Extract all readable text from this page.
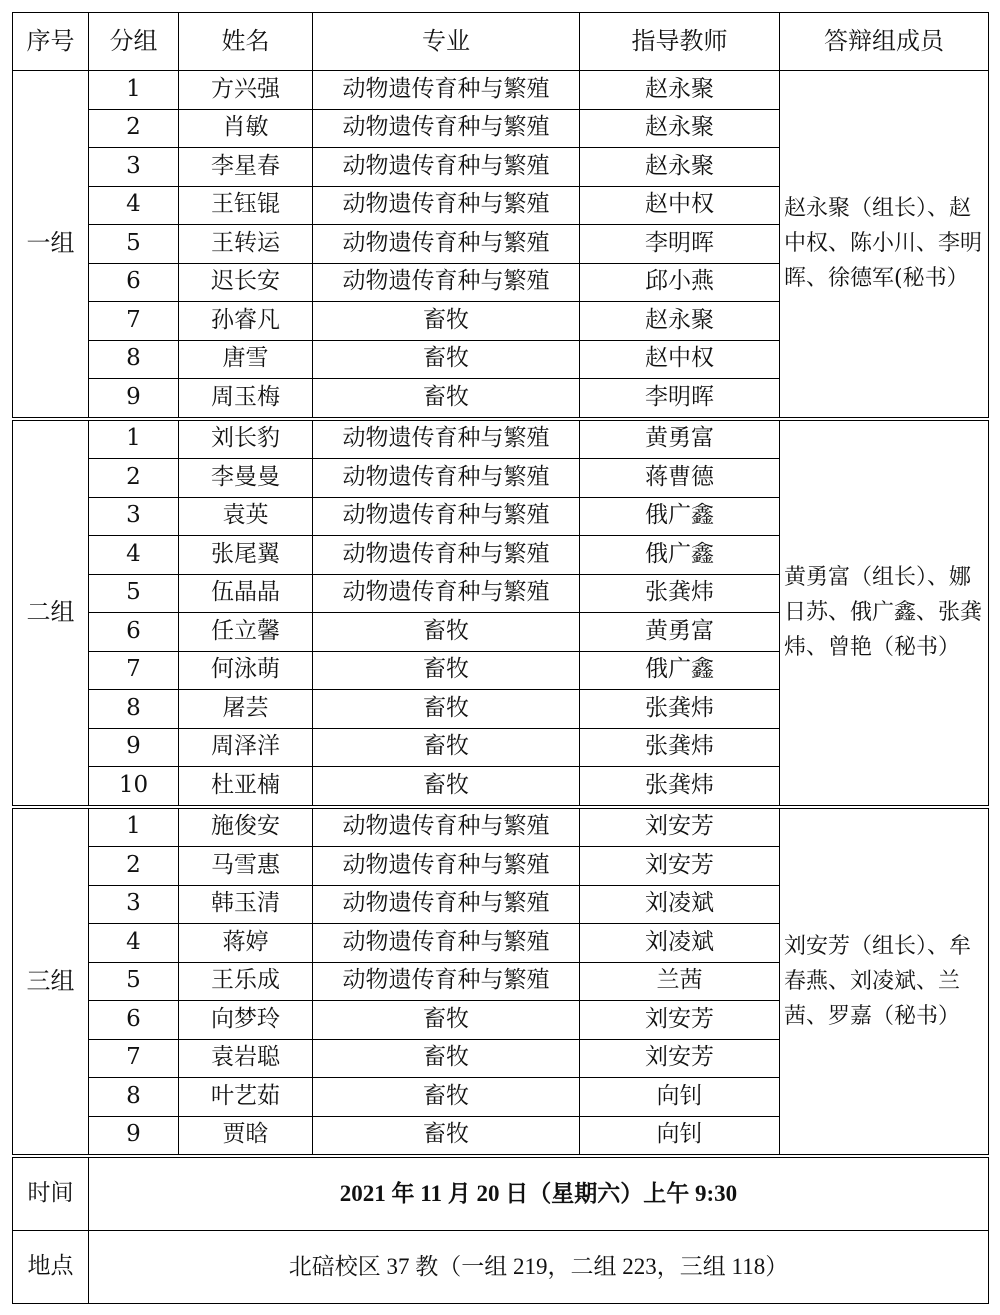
序号	分组	姓名	专业	指导教师	答辩组成员
一组	1	方兴强	动物遗传育种与繁殖	赵永聚	赵永聚（组长）、赵中权、陈小川、李明晖、徐德军(秘书）
	2	肖敏	动物遗传育种与繁殖	赵永聚	
	3	李星春	动物遗传育种与繁殖	赵永聚	
	4	王钰锟	动物遗传育种与繁殖	赵中权	
	5	王转运	动物遗传育种与繁殖	李明晖	
	6	迟长安	动物遗传育种与繁殖	邱小燕	
	7	孙睿凡	畜牧	赵永聚	
	8	唐雪	畜牧	赵中权	
	9	周玉梅	畜牧	李明晖	
二组	1	刘长豹	动物遗传育种与繁殖	黄勇富	黄勇富（组长）、娜日苏、俄广鑫、张龚炜、曾艳（秘书）
	2	李曼曼	动物遗传育种与繁殖	蒋曹德	
	3	袁英	动物遗传育种与繁殖	俄广鑫	
	4	张尾翼	动物遗传育种与繁殖	俄广鑫	
	5	伍晶晶	动物遗传育种与繁殖	张龚炜	
	6	任立馨	畜牧	黄勇富	
	7	何泳萌	畜牧	俄广鑫	
	8	屠芸	畜牧	张龚炜	
	9	周泽洋	畜牧	张龚炜	
	10	杜亚楠	畜牧	张龚炜	
三组	1	施俊安	动物遗传育种与繁殖	刘安芳	刘安芳（组长）、牟春燕、刘凌斌、兰茜、罗嘉（秘书）
	2	马雪惠	动物遗传育种与繁殖	刘安芳	
	3	韩玉清	动物遗传育种与繁殖	刘凌斌	
	4	蒋婷	动物遗传育种与繁殖	刘凌斌	
	5	王乐成	动物遗传育种与繁殖	兰茜	
	6	向梦玲	畜牧	刘安芳	
	7	袁岩聪	畜牧	刘安芳	
	8	叶艺茹	畜牧	向钊	
	9	贾晗	畜牧	向钊	
时间	2021 年 11 月 20 日（星期六）上午 9:30				
地点	北碚校区 37 教（一组 219，二组 223，三组 118）				
